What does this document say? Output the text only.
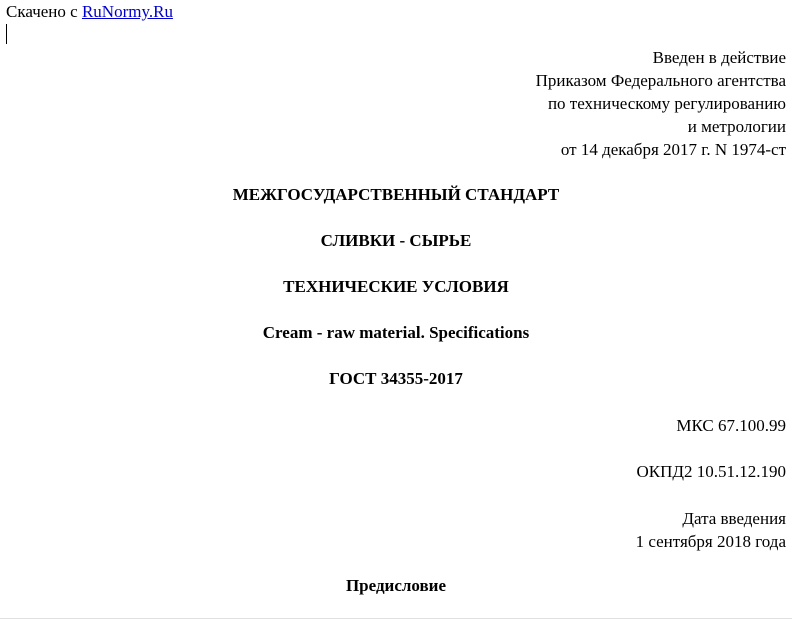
Скачено с RuNormy.Ru
Введен в действие
Приказом Федерального агентства
по техническому регулированию
и метрологии
от 14 декабря 2017 г. N 1974-ст
МЕЖГОСУДАРСТВЕННЫЙ СТАНДАРТ
СЛИВКИ - СЫРЬЕ
ТЕХНИЧЕСКИЕ УСЛОВИЯ
Cream - raw material. Specifications
ГОСТ 34355-2017
МКС 67.100.99
ОКПД2 10.51.12.190
Дата введения
1 сентября 2018 года
Предисловие
